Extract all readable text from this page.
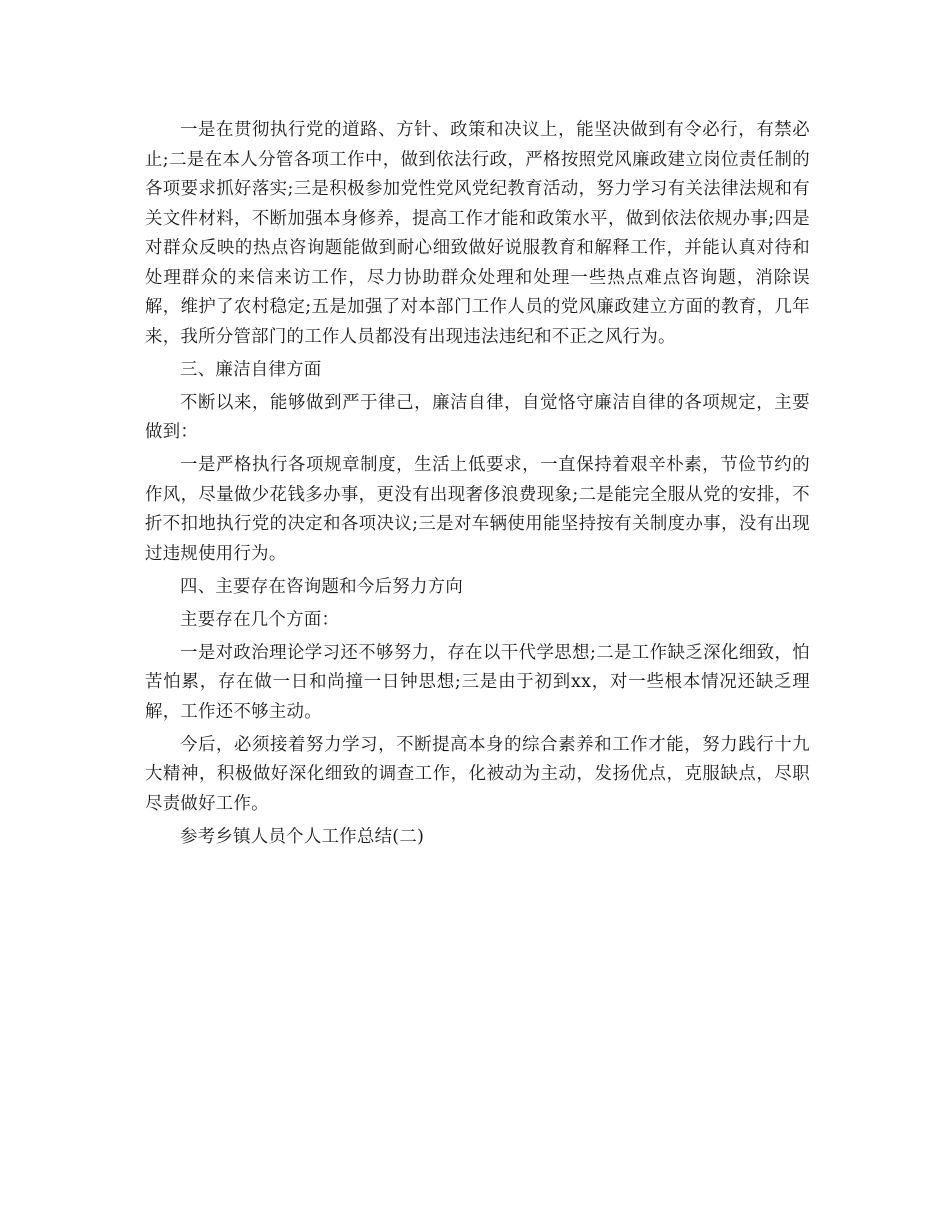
一是在贯彻执行党的道路、方针、政策和决议上，能坚决做到有令必行，有禁必止;二是在本人分管各项工作中，做到依法行政，严格按照党风廉政建立岗位责任制的各项要求抓好落实;三是积极参加党性党风党纪教育活动，努力学习有关法律法规和有关文件材料，不断加强本身修养，提高工作才能和政策水平，做到依法依规办事;四是对群众反映的热点咨询题能做到耐心细致做好说服教育和解释工作，并能认真对待和处理群众的来信来访工作，尽力协助群众处理和处理一些热点难点咨询题，消除误解，维护了农村稳定;五是加强了对本部门工作人员的党风廉政建立方面的教育，几年来，我所分管部门的工作人员都没有出现违法违纪和不正之风行为。

三、廉洁自律方面

不断以来，能够做到严于律己，廉洁自律，自觉恪守廉洁自律的各项规定，主要做到：

一是严格执行各项规章制度，生活上低要求，一直保持着艰辛朴素，节俭节约的作风，尽量做少花钱多办事，更没有出现奢侈浪费现象;二是能完全服从党的安排，不折不扣地执行党的决定和各项决议;三是对车辆使用能坚持按有关制度办事，没有出现过违规使用行为。

四、主要存在咨询题和今后努力方向

主要存在几个方面：

一是对政治理论学习还不够努力，存在以干代学思想;二是工作缺乏深化细致，怕苦怕累，存在做一日和尚撞一日钟思想;三是由于初到xx，对一些根本情况还缺乏理解，工作还不够主动。

今后，必须接着努力学习，不断提高本身的综合素养和工作才能，努力践行十九大精神，积极做好深化细致的调查工作，化被动为主动，发扬优点，克服缺点，尽职尽责做好工作。

参考乡镇人员个人工作总结(二)
